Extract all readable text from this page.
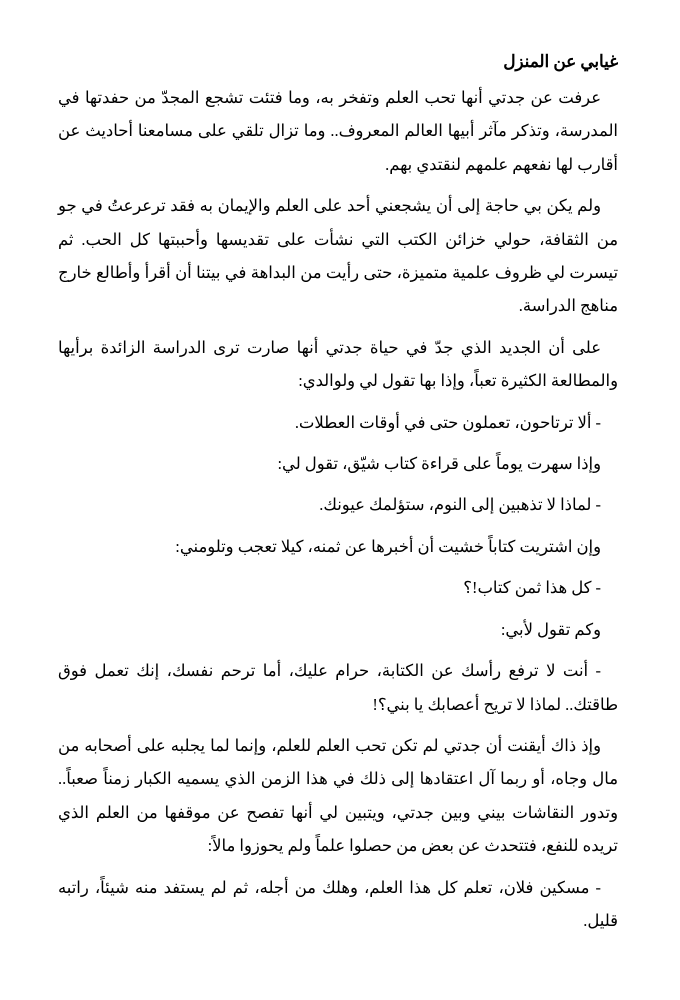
غيابي عن المنزل

عرفت عن جدتي أنها تحب العلم وتفخر به، وما فتئت تشجع المجدّ من حفدتها في المدرسة، وتذكر مآثر أبيها العالم المعروف.. وما تزال تلقي على مسامعنا أحاديث عن أقارب لها نفعهم علمهم لنقتدي بهم.

ولم يكن بي حاجة إلى أن يشجعني أحد على العلم والإيمان به فقد ترعرعتُ في جو من الثقافة، حولي خزائن الكتب التي نشأت على تقديسها وأحببتها كل الحب. ثم تيسرت لي ظروف علمية متميزة، حتى رأيت من البداهة في بيتنا أن أقرأ وأطالع خارج مناهج الدراسة.

على أن الجديد الذي جدّ في حياة جدتي أنها صارت ترى الدراسة الزائدة برأيها والمطالعة الكثيرة تعباً، وإذا بها تقول لي ولوالدي:

- ألا ترتاحون، تعملون حتى في أوقات العطلات.

وإذا سهرت يوماً على قراءة كتاب شيّق، تقول لي:

- لماذا لا تذهبين إلى النوم، ستؤلمك عيونك.

وإن اشتريت كتاباً خشيت أن أخبرها عن ثمنه، كيلا تعجب وتلومني:

- كل هذا ثمن كتاب!؟

وكم تقول لأبي:

- أنت لا ترفع رأسك عن الكتابة، حرام عليك، أما ترحم نفسك، إنك تعمل فوق طاقتك.. لماذا لا تريح أعصابك يا بني؟!

وإذ ذاك أيقنت أن جدتي لم تكن تحب العلم للعلم، وإنما لما يجلبه على أصحابه من مال وجاه، أو ربما آل اعتقادها إلى ذلك في هذا الزمن الذي يسميه الكبار زمناً صعباً.. وتدور النقاشات بيني وبين جدتي، ويتبين لي أنها تفصح عن موقفها من العلم الذي تريده للنفع، فتتحدث عن بعض من حصلوا علماً ولم يحوزوا مالاً:

- مسكين فلان، تعلم كل هذا العلم، وهلك من أجله، ثم لم يستفد منه شيئاً، راتبه قليل.
